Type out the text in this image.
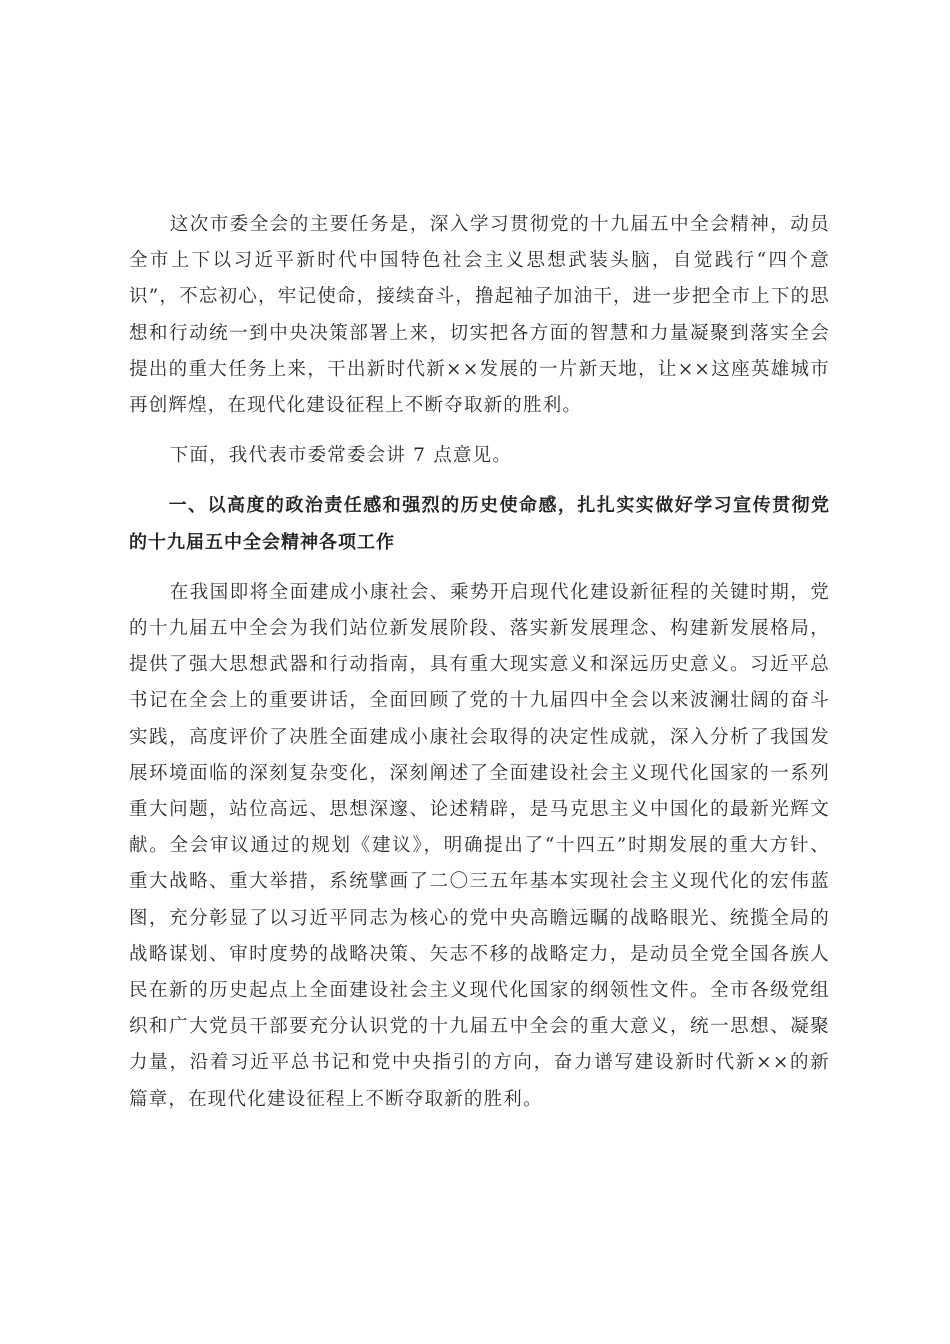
这次市委全会的主要任务是，深入学习贯彻党的十九届五中全会精神，动员全市上下以习近平新时代中国特色社会主义思想武装头脑，自觉践行“四个意识”，不忘初心，牢记使命，接续奋斗，撸起袖子加油干，进一步把全市上下的思想和行动统一到中央决策部署上来，切实把各方面的智慧和力量凝聚到落实全会提出的重大任务上来，干出新时代新××发展的一片新天地，让××这座英雄城市再创辉煌，在现代化建设征程上不断夺取新的胜利。

下面，我代表市委常委会讲 7 点意见。

一、以高度的政治责任感和强烈的历史使命感，扎扎实实做好学习宣传贯彻党的十九届五中全会精神各项工作

在我国即将全面建成小康社会、乘势开启现代化建设新征程的关键时期，党的十九届五中全会为我们站位新发展阶段、落实新发展理念、构建新发展格局，提供了强大思想武器和行动指南，具有重大现实意义和深远历史意义。习近平总书记在全会上的重要讲话，全面回顾了党的十九届四中全会以来波澜壮阔的奋斗实践，高度评价了决胜全面建成小康社会取得的决定性成就，深入分析了我国发展环境面临的深刻复杂变化，深刻阐述了全面建设社会主义现代化国家的一系列重大问题，站位高远、思想深邃、论述精辟，是马克思主义中国化的最新光辉文献。全会审议通过的规划《建议》，明确提出了“十四五”时期发展的重大方针、重大战略、重大举措，系统擘画了二〇三五年基本实现社会主义现代化的宏伟蓝图，充分彰显了以习近平同志为核心的党中央高瞻远瞩的战略眼光、统揽全局的战略谋划、审时度势的战略决策、矢志不移的战略定力，是动员全党全国各族人民在新的历史起点上全面建设社会主义现代化国家的纲领性文件。全市各级党组织和广大党员干部要充分认识党的十九届五中全会的重大意义，统一思想、凝聚力量，沿着习近平总书记和党中央指引的方向，奋力谱写建设新时代新××的新篇章，在现代化建设征程上不断夺取新的胜利。
